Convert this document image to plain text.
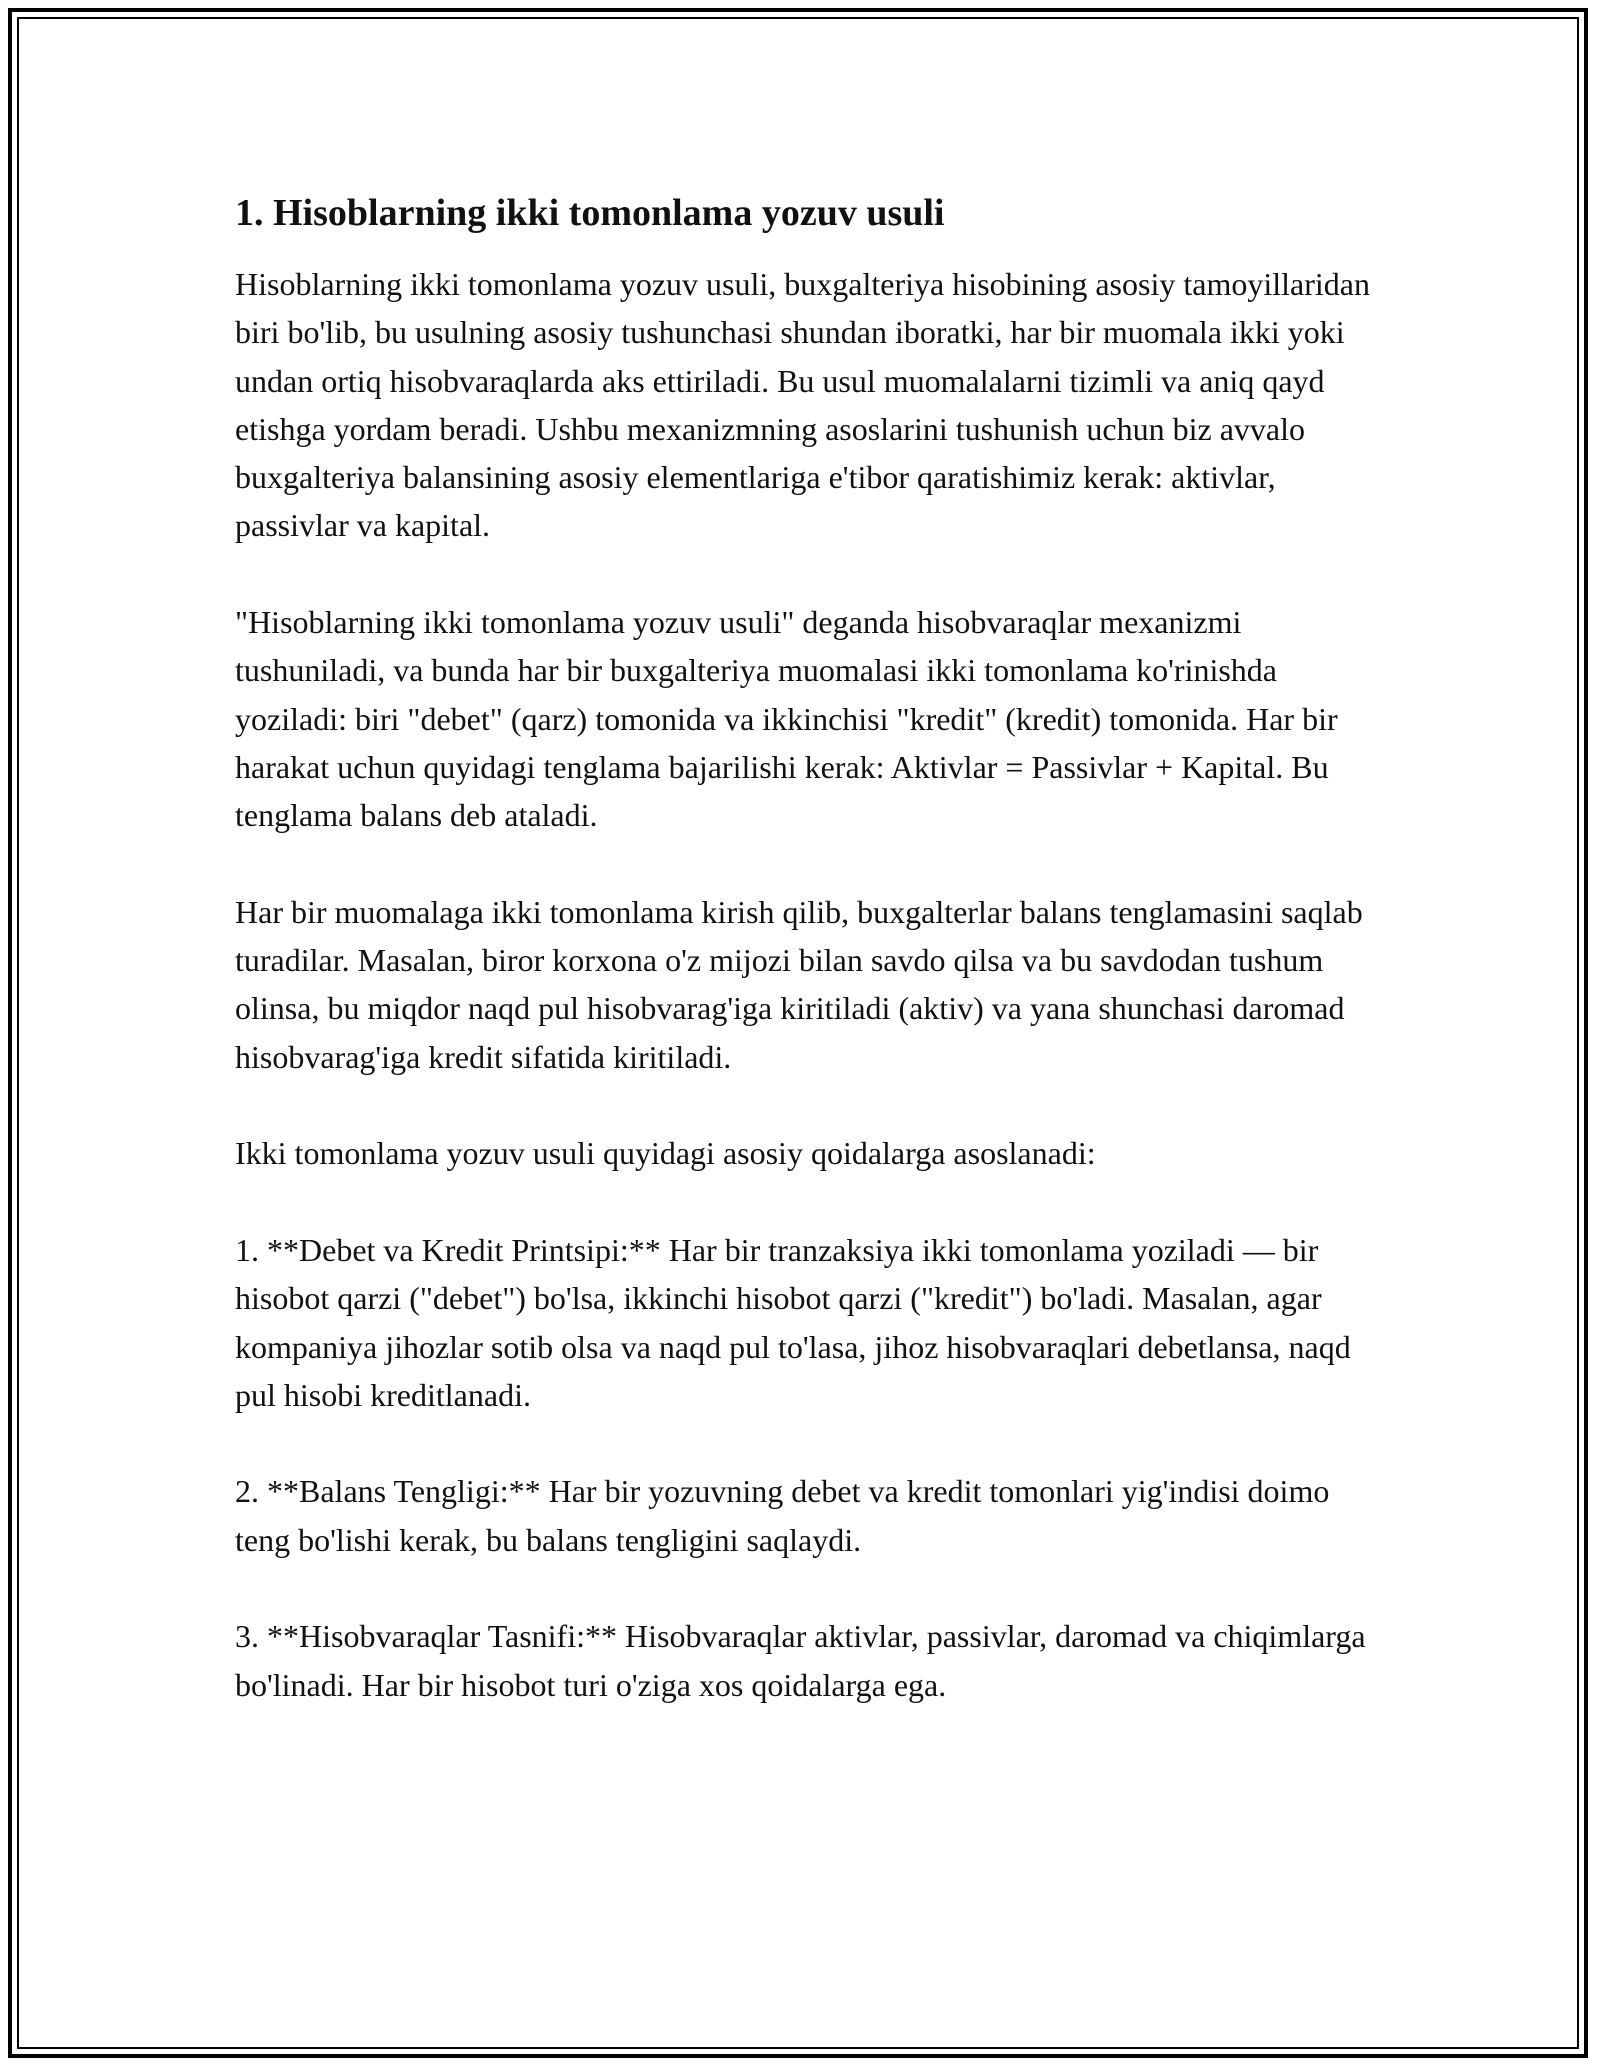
1. Hisoblarning ikki tomonlama yozuv usuli

Hisoblarning ikki tomonlama yozuv usuli, buxgalteriya hisobining asosiy tamoyillaridan biri bo'lib, bu usulning asosiy tushunchasi shundan iboratki, har bir muomala ikki yoki undan ortiq hisobvaraqlarda aks ettiriladi. Bu usul muomalalarni tizimli va aniq qayd etishga yordam beradi. Ushbu mexanizmning asoslarini tushunish uchun biz avvalo buxgalteriya balansining asosiy elementlariga e'tibor qaratishimiz kerak: aktivlar, passivlar va kapital.

"Hisoblarning ikki tomonlama yozuv usuli" deganda hisobvaraqlar mexanizmi tushuniladi, va bunda har bir buxgalteriya muomalasi ikki tomonlama ko'rinishda yoziladi: biri "debet" (qarz) tomonida va ikkinchisi "kredit" (kredit) tomonida. Har bir harakat uchun quyidagi tenglama bajarilishi kerak: Aktivlar = Passivlar + Kapital. Bu tenglama balans deb ataladi.

Har bir muomalaga ikki tomonlama kirish qilib, buxgalterlar balans tenglamasini saqlab turadilar. Masalan, biror korxona o'z mijozi bilan savdo qilsa va bu savdodan tushum olinsa, bu miqdor naqd pul hisobvarag'iga kiritiladi (aktiv) va yana shunchasi daromad hisobvarag'iga kredit sifatida kiritiladi.

Ikki tomonlama yozuv usuli quyidagi asosiy qoidalarga asoslanadi:

1. **Debet va Kredit Printsipi:** Har bir tranzaksiya ikki tomonlama yoziladi — bir hisobot qarzi ("debet") bo'lsa, ikkinchi hisobot qarzi ("kredit") bo'ladi. Masalan, agar kompaniya jihozlar sotib olsa va naqd pul to'lasa, jihoz hisobvaraqlari debetlansa, naqd pul hisobi kreditlanadi.

2. **Balans Tengligi:** Har bir yozuvning debet va kredit tomonlari yig'indisi doimo teng bo'lishi kerak, bu balans tengligini saqlaydi.

3. **Hisobvaraqlar Tasnifi:** Hisobvaraqlar aktivlar, passivlar, daromad va chiqimlarga bo'linadi. Har bir hisobot turi o'ziga xos qoidalarga ega.
